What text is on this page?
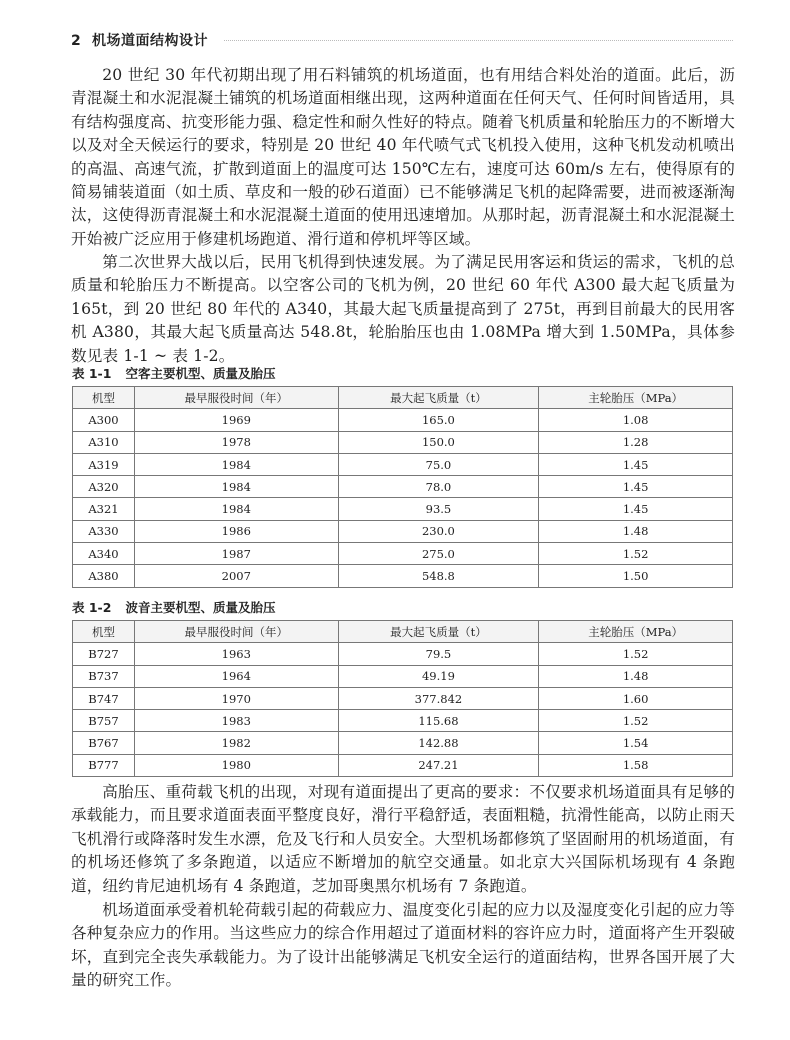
2 机场道面结构设计

20 世纪 30 年代初期出现了用石料铺筑的机场道面，也有用结合料处治的道面。此后，沥青混凝土和水泥混凝土铺筑的机场道面相继出现，这两种道面在任何天气、任何时间皆适用，具有结构强度高、抗变形能力强、稳定性和耐久性好的特点。随着飞机质量和轮胎压力的不断增大以及对全天候运行的要求，特别是 20 世纪 40 年代喷气式飞机投入使用，这种飞机发动机喷出的高温、高速气流，扩散到道面上的温度可达 150℃左右，速度可达 60m/s 左右，使得原有的简易铺装道面（如土质、草皮和一般的砂石道面）已不能够满足飞机的起降需要，进而被逐渐淘汰，这使得沥青混凝土和水泥混凝土道面的使用迅速增加。从那时起，沥青混凝土和水泥混凝土开始被广泛应用于修建机场跑道、滑行道和停机坪等区域。

第二次世界大战以后，民用飞机得到快速发展。为了满足民用客运和货运的需求，飞机的总质量和轮胎压力不断提高。以空客公司的飞机为例，20 世纪 60 年代 A300 最大起飞质量为 165t，到 20 世纪 80 年代的 A340，其最大起飞质量提高到了 275t，再到目前最大的民用客机 A380，其最大起飞质量高达 548.8t，轮胎胎压也由 1.08MPa 增大到 1.50MPa，具体参数见表 1-1 ~ 表 1-2。

表 1-1 空客主要机型、质量及胎压
机型	最早服役时间（年）	最大起飞质量（t）	主轮胎压（MPa）
A300	1969	165.0	1.08
A310	1978	150.0	1.28
A319	1984	75.0	1.45
A320	1984	78.0	1.45
A321	1984	93.5	1.45
A330	1986	230.0	1.48
A340	1987	275.0	1.52
A380	2007	548.8	1.50
表 1-2 波音主要机型、质量及胎压
机型	最早服役时间（年）	最大起飞质量（t）	主轮胎压（MPa）
B727	1963	79.5	1.52
B737	1964	49.19	1.48
B747	1970	377.842	1.60
B757	1983	115.68	1.52
B767	1982	142.88	1.54
B777	1980	247.21	1.58

高胎压、重荷载飞机的出现，对现有道面提出了更高的要求：不仅要求机场道面具有足够的承载能力，而且要求道面表面平整度良好，滑行平稳舒适，表面粗糙，抗滑性能高，以防止雨天飞机滑行或降落时发生水漂，危及飞行和人员安全。大型机场都修筑了坚固耐用的机场道面，有的机场还修筑了多条跑道，以适应不断增加的航空交通量。如北京大兴国际机场现有 4 条跑道，纽约肯尼迪机场有 4 条跑道，芝加哥奥黑尔机场有 7 条跑道。

机场道面承受着机轮荷载引起的荷载应力、温度变化引起的应力以及湿度变化引起的应力等各种复杂应力的作用。当这些应力的综合作用超过了道面材料的容许应力时，道面将产生开裂破坏，直到完全丧失承载能力。为了设计出能够满足飞机安全运行的道面结构，世界各国开展了大量的研究工作。
